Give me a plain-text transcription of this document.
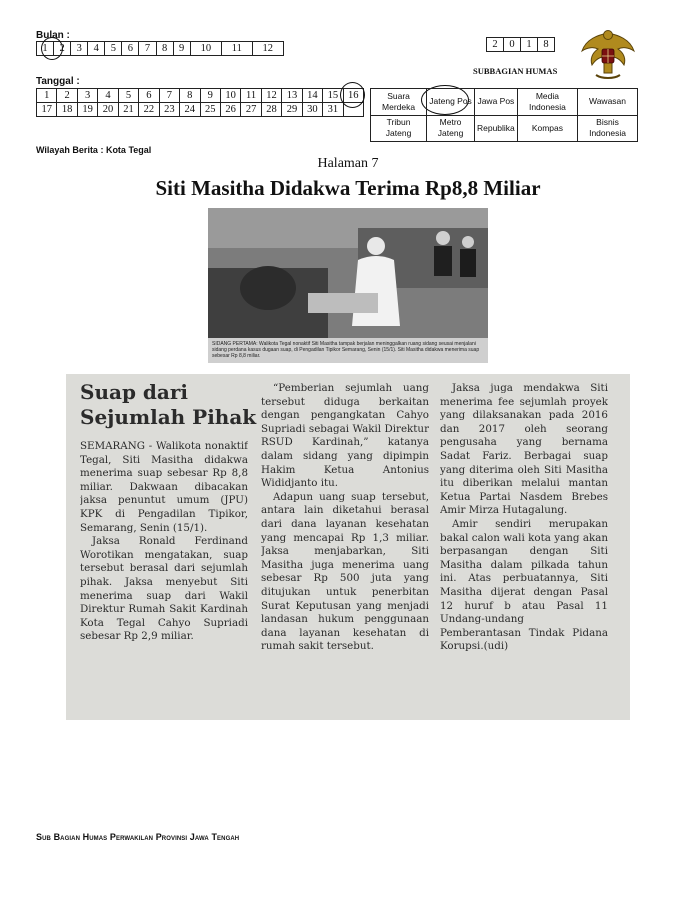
Bulan :
1	2	3	4	5	6	7	8	9	10	11	12
Tanggal :
1	2	3	4	5	6	7	8	9	10	11	12	13	14	15	16
17	18	19	20	21	22	23	24	25	26	27	28	29	30	31	
Suara Merdeka	Jateng Pos	Jawa Pos	Media Indonesia	Wawasan
Tribun Jateng	Metro Jateng	Republika	Kompas	Bisnis Indonesia
2	0	1	8
SUBBAGIAN HUMAS
Wilayah Berita : Kota Tegal
Halaman 7
Siti Masitha Didakwa Terima Rp8,8 Miliar
SIDANG PERTAMA: Walikota Tegal nonaktif Siti Masitha tampak berjalan meninggalkan ruang sidang seusai menjalani sidang perdana kasus dugaan suap, di Pengadilan Tipikor Semarang, Senin (15/1). Siti Masitha didakwa menerima suap sebesar Rp 8,8 miliar.
Suap dari Sejumlah Pihak

SEMARANG - Walikota nonaktif Tegal, Siti Masitha didakwa menerima suap sebesar Rp 8,8 miliar. Dakwaan dibacakan jaksa penuntut umum (JPU) KPK di Pengadilan Tipikor, Semarang, Senin (15/1).

Jaksa Ronald Ferdinand Worotikan mengatakan, suap tersebut berasal dari sejumlah pihak. Jaksa menyebut Siti menerima suap dari Wakil Direktur Rumah Sakit Kardinah Kota Tegal Cahyo Supriadi sebesar Rp 2,9 miliar.

“Pemberian sejumlah uang tersebut diduga berkaitan dengan pengangkatan Cahyo Supriadi sebagai Wakil Direktur RSUD Kardinah,” katanya dalam sidang yang dipimpin Hakim Ketua Antonius Wididjanto itu.

Adapun uang suap tersebut, antara lain diketahui berasal dari dana layanan kesehatan yang mencapai Rp 1,3 miliar. Jaksa menjabarkan, Siti Masitha juga menerima uang sebesar Rp 500 juta yang ditujukan untuk penerbitan Surat Keputusan yang menjadi landasan hukum penggunaan dana layanan kesehatan di rumah sakit tersebut.

Jaksa juga mendakwa Siti menerima fee sejumlah proyek yang dilaksanakan pada 2016 dan 2017 oleh seorang pengusaha yang bernama Sadat Fariz. Berbagai suap yang diterima oleh Siti Masitha itu diberikan melalui mantan Ketua Partai Nasdem Brebes Amir Mirza Hutagalung.

Amir sendiri merupakan bakal calon wali kota yang akan berpasangan dengan Siti Masitha dalam pilkada tahun ini. Atas perbuatannya, Siti Masitha dijerat dengan Pasal 12 huruf b atau Pasal 11 Undang-undang Pemberantasan Tindak Pidana Korupsi.(udi)

Sub Bagian Humas Perwakilan Provinsi Jawa Tengah
